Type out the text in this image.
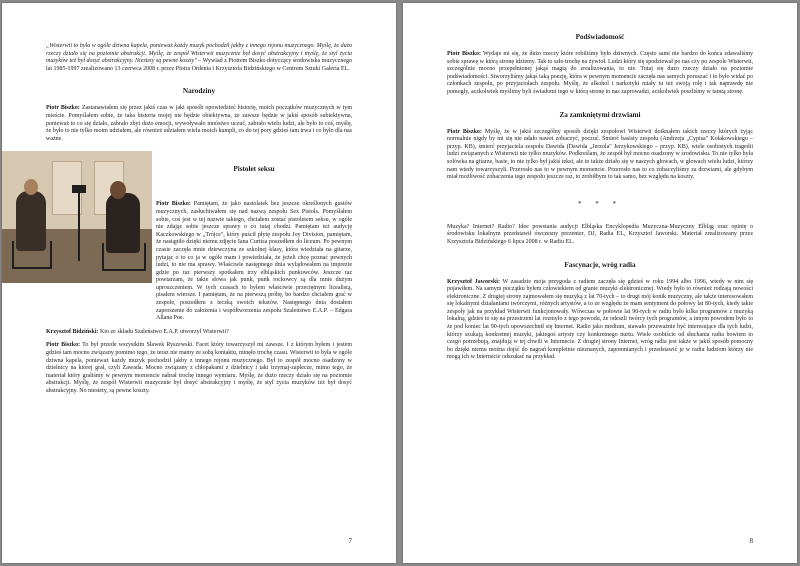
„Wisterwii to była w ogóle dziwna kapela, ponieważ każdy muzyk pochodził jakby z innego rejonu muzycznego. Myślę, że dużo rzeczy działo się na poziomie abstrakcji. Myślę, że zespół Wisterwii muzycznie był dosyć abstrakcyjny i myślę, że styl życia muzyków też był dosyć abstrakcyjny. Niestety są pewne koszty" – Wywiad z Piotrem Biszko dotyczący środowiska muzycznego lat 1985-1997 zrealizowano 13 czerwca 2008 r. przez Piotra Ordenia i Krzysztofa Bidzińskiego w Centrum Sztuki Galeria EL.

Narodziny

Piotr Biszko: Zastanawiałem się przez jakiś czas w jaki sposób opowiedzieć historię, moich początków muzycznych w tym mieście. Pomyślałem sobie, że taka historia mojej nie będzie obiektywna, że zawsze będzie w jakiś sposób subiektywna, ponieważ to co się działo, zabrało zbyt dużo emocji, wywoływało mnóstwo uczuć, zabrało wielu ludzi, ale było to coś, myślę, że było to nie tylko moim udziałem, ale również udziałem wielu moich kumpli, co do tej pory gdzieś tam trwa i co było dla nas ważne.

Pistolet seksu

Piotr Biszko: Pamiętam, że jako nastolatek bez jeszcze określonych gustów muzycznych, zasłuchiwałem się nad nazwą zespołu Sex Pistols. Pomyślałem sobie, coś jest w tej nazwie takiego, chciałem zostać pistoletem seksu, w ogóle nie zdając sobie jeszcze sprawy o co tutaj chodzi. Pamiętam też audycję Kaczkowskiego w „Trójce", który puścił płytę zespołu Joy Division, pamiętam, że nastąpiło dzięki niemu zdjęcie Iana Curtisa poszedłem do liceum. Po pewnym czasie zaczęła mnie dziewczyna ze szkolnej klasy, która wiedziała na gitarze, pytając o to co ja w ogóle mam i powiedziała, że jeżeli chcę poznać pewnych ludzi, to nie ma sprawy. Właściwie następnego dnia wylądowałem na imprezie gdzie po raz pierwszy spotkałem trzy elbląskich punkowców. Jeszcze raz powtarzam, że takie słowa jak punk, punk rockowcy są dla mnie dużym uproszczeniem. W tych czasach to byłem właściwie przeciętnym licealistą, pisałem wiersze. I pamiętam, że na pierwszą próbę, bo bardzo chciałem grać w zespole, poszedłem z teczką swoich tekstów. Następnego dnia dostałem zaproszenie do założenia i współtworzenia zespołu Szaleństwo E.A.P. – Edgara Allana Poe.

Krzysztof Bidziński: Kto ze składu Szaleństwo E.A.P. utworzył Wisterwii?

Piotr Biszko: To był przede wszystkim Sławek Ryszewski. Facet który towarzyszył mi zawsze. I z którym byłem i jestem gdzieś tam mocno związany pomimo tego, że teraz nie mamy ze sobą kontaktu, minęło trochę czasu. Wisterwii to była w ogóle dziwna kapela, ponieważ każdy muzyk pochodził jakby z innego rejonu muzycznego. Był to zespół mocno osadzony w dzielnicy na której grał, czyli Zawada. Mocno związany z chłopakami z dzielnicy i taki trzymaj-zaplecze, mimo tego, że materiał który graliśmy w pewnym momencie nabrał trochę innego wymiaru. Myślę, że dużo rzeczy działo się na poziomie abstrakcji. Myślę, że zespół Wisterwii muzycznie był dosyć abstrakcyjny i myślę, że styl życia muzyków też był dosyć abstrakcyjny. No niestety, są pewne koszty.

7
Podświadomość

Piotr Biszko: Wydaje mi się, że dużo rzeczy które robiliśmy było dziwnych. Często sami nie bardzo do końca zdawaliśmy sobie sprawę w którą stronę idziemy. Tak to szło trochę na żywioł. Ludzi który się spodziewał po nas czy po zespole Wisterwii, szczególnie mocno przepełnionej jakąś magią do zrealizowania, to nie. Tutaj się dużo rzeczy działo na poziomie podświadomości. Stworzyliśmy jakąś taką poezję, która w pewnym momencie zaczęła nas samych poruszać i to było widać po członkach zespołu, po przyjaciołach zespołu. Myślę, że alkohol i narkotyki miały tu też swoją rolę i tak naprawdę nie pomogły, aczkolwiek myślimy byli świadomi tego w którą stronę to nas zaprowadzi, aczkolwiek poszliśmy w tamtą stronę.

Za zamkniętymi drzwiami

Piotr Biszko: Myślę, że w jakiś szczególny sposób dzięki zespołowi Wisterwii dotknąłem takich rzeczy których żyjąc normalnie nigdy by mi się nie udało nawet zobaczyć, poczuć. Śmierć basisty zespołu (Andrzeja „Cypisa" Kołakowskiego – przyp. KB), śmierć przyjaciela zespołu Dawida (Dawida „Jerzola" Jerzykowskiego – przyp. KB), wiele osobistych tragedii ludzi związanych z Wisterwii nie tylko muzyków. Podkreślam, że zespół był mocno osadzony w środowisku. To nie tylko była solówka na gitarze, basie, to nie tylko był jakiś tekst, ale to także działo się w naszych głowach, w głowach wielu ludzi, którzy nam wtedy towarzyszyli. Przerosło nas to w pewnym momencie. Przerosło nas to co zobaczyliśmy za drzwiami, ale gdybym miał możliwość zobaczenia tego zespołu jeszcze raz, to zrobiłbym to tak samo, bez względu na koszty.

* * *

Muzyka? Internet? Radio? Idee powstania audycji Elbląska Encyklopedia Muzyczna-Muzyczny Elbląg oraz opinię o środowisku lokalnym przedstawił ówczesny prezenter, DJ, Radia EL, Krzysztof Jaworski. Materiał zrealizowany przez Krzysztofa Bidzińskiego 6 lipca 2008 r. w Radiu EL.

Fascynacje, wróg radia

Krzysztof Jaworski: W zasadzie moja przygoda z radiem zaczęła się gdzieś w roku 1994 albo 1996, wtedy w nim się pojawiłem. Na samym początku byłem człowiekiem od granie muzyki elektronicznej. Wtedy było to również rodzają nowości elektroniczne. Z drugiej strony zajmowałem się muzyką z lat 70-tych – to drugi mój konik muzyczny, ale także interesowałem się lokalnymi działaniami twórczymi, różnych artystów, a to ze względu że mam sentyment do połowy lat 80-tych, kiedy takie zespoły jak na przykład Wisterwii funkcjonowały. Wówczas w połowie lat 90-tych w radiu było kilka programów z muzyką lokalną, gdzieś to się na przestrzeni lat rozmyło z tego powodu, że odeszli twórcy tych programów, a innym powodem było to że pod koniec lat 90-tych upowszechnił się Internet. Radio jako medium, stawało przeważnie być interesujące dla tych ludzi, którzy szukają konkretnej muzyki, jakiegoś artysty czy konkretnego nurtu. Wiele osobiście od słuchania radia bowiem to czego potrzebują, znajdują w tej chwili w Internecie. Z drugiej strony Internet, wróg radia jest także w jakiś sposób pomocny bo dzięki niemu można dojść do nagrań kompletnie nieznanych, zapomnianych i przedstawić je w radiu ludziom którzy nie mogą ich w Internecie odszukać na przykład.

8
